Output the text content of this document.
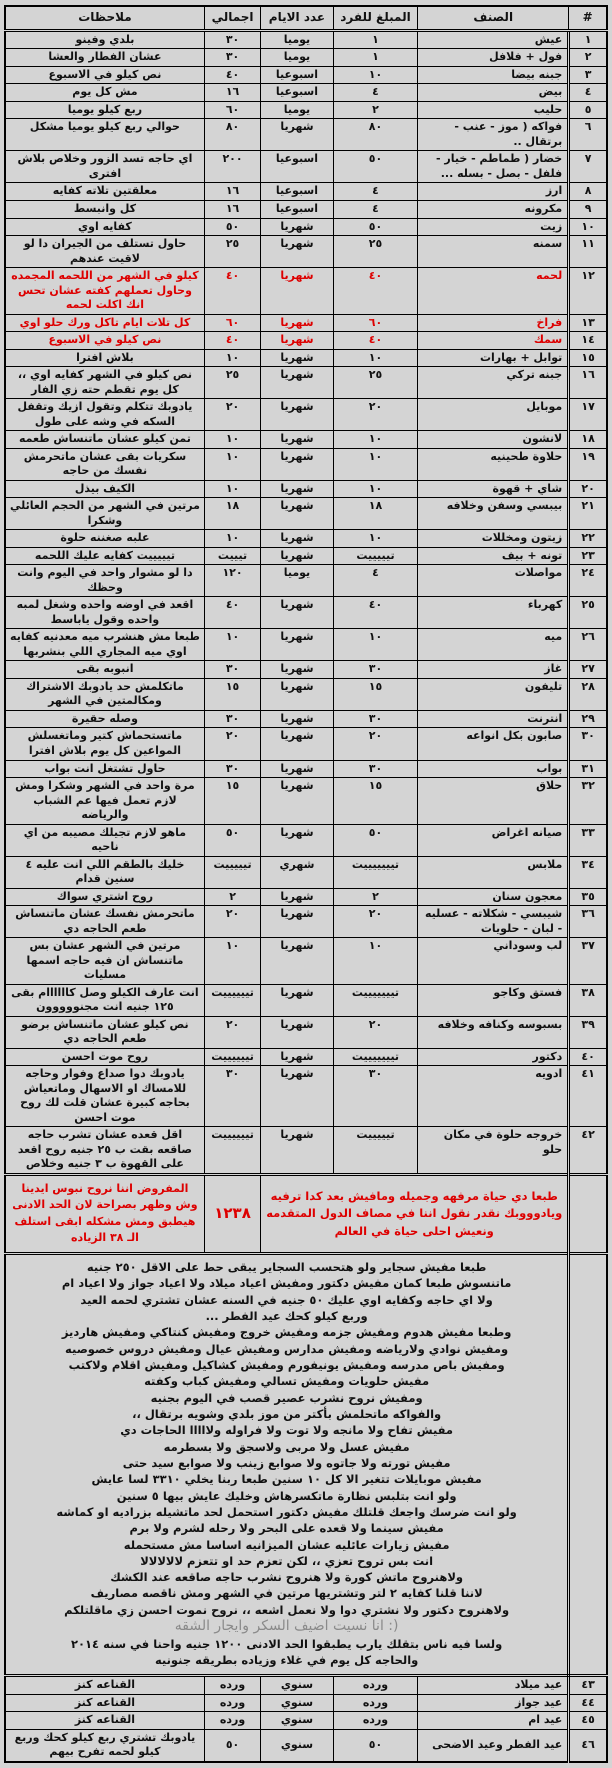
#	الصنف	المبلغ للفرد	عدد الايام	اجمالي	ملاحظات
١	عيش	١	يوميا	٣٠	بلدي وفينو
٢	فول + فلافل	١	يوميا	٣٠	عشان الفطار والعشا
٣	جبنه بيضا	١٠	اسبوعيا	٤٠	نص كيلو في الاسبوع
٤	بيض	٤	اسبوعيا	١٦	مش كل يوم
٥	حليب	٢	يوميا	٦٠	ربع كيلو يوميا
٦	فواكه ( موز - عنب - برتقال ..	٨٠	شهريا	٨٠	حوالي ربع كيلو يوميا مشكل
٧	خضار ( طماطم - خيار - فلفل - بصل - بسله ...	٥٠	اسبوعيا	٢٠٠	اي حاجه تسد الزور وخلاص بلاش افترى
٨	ارز	٤	اسبوعيا	١٦	معلقتين تلاته كفايه
٩	مكرونه	٤	اسبوعيا	١٦	كل وانبسط
١٠	زيت	٥٠	شهريا	٥٠	كفايه اوي
١١	سمنه	٢٥	شهريا	٢٥	حاول تستلف من الجيران دا لو لاقيت عندهم
١٢	لحمه	٤٠	شهريا	٤٠	كيلو في الشهر من اللحمه المجمده وحاول تعملهم كفته عشان تحس انك اكلت لحمه
١٣	فراخ	٦٠	شهريا	٦٠	كل تلات ايام تاكل ورك حلو اوي
١٤	سمك	٤٠	شهريا	٤٠	نص كيلو في الاسبوع
١٥	توابل + بهارات	١٠	شهريا	١٠	بلاش افترا
١٦	جبنه تركي	٢٥	شهريا	٢٥	نص كيلو في الشهر كفايه اوي ،، كل يوم تقطم حته زي الفار
١٧	موبايل	٢٠	شهريا	٢٠	يادوبك تتكلم وتقول ازيك وتقفل السكه في وشه على طول
١٨	لانشون	١٠	شهريا	١٠	تمن كيلو عشان ماتنساش طعمه
١٩	حلاوة طحينيه	١٠	شهريا	١٠	سكريات بقى عشان ماتحرمش نفسك من حاجه
٢٠	شاي + قهوة	١٠	شهريا	١٠	الكيف بيذل
٢١	بيبسي وسفن وخلافه	١٨	شهريا	١٨	مرتين في الشهر من الحجم العائلي وشكرا
٢٢	زيتون ومخللات	١٠	شهريا	١٠	علبه صغننه حلوة
٢٣	تونه + بيف	تيييييت	شهريا	تيييت	تيييييت كفايه عليك اللحمه
٢٤	مواصلات	٤	يوميا	١٢٠	دا لو مشوار واحد في اليوم وانت وحظك
٢٥	كهرباء	٤٠	شهريا	٤٠	اقعد في اوضه واحده وشغل لمبه واحده وقول ياباسط
٢٦	ميه	١٠	شهريا	١٠	طبعا مش هنشرب ميه معدنيه كفايه اوي ميه المجاري اللي بنشربها
٢٧	غاز	٣٠	شهريا	٣٠	انبوبه بقى
٢٨	تليفون	١٥	شهريا	١٥	ماتكلمش حد يادوبك الاشتراك ومكالمتين في الشهر
٢٩	انترنت	٣٠	شهريا	٣٠	وصله حقيرة
٣٠	صابون بكل انواعه	٢٠	شهريا	٢٠	ماتستحماش كتير وماتغسلش المواعين كل يوم بلاش افترا
٣١	بواب	٣٠	شهريا	٣٠	حاول تشتغل انت بواب
٣٢	حلاق	١٥	شهريا	١٥	مرة واحد في الشهر وشكرا ومش لازم تعمل فيها عم الشباب والرياضه
٣٣	صيانه اغراض	٥٠	شهريا	٥٠	ماهو لازم تجيلك مصيبه من اي ناحيه
٣٤	ملابس	تيييييييت	شهري	تيييييت	خليك بالطقم اللي انت عليه ٤ سنين قدام
٣٥	معجون سنان	٢	شهريا	٢	روح اشتري سواك
٣٦	شيبسي - شكلاته - عسليه - لبان - حلويات	٢٠	شهريا	٢٠	ماتحرمش نفسك عشان ماتنساش طعم الحاجه دي
٣٧	لب وسوداني	١٠	شهريا	١٠	مرتين في الشهر عشان بس ماتنساش ان فيه حاجه اسمها مسليات
٣٨	فستق وكاجو	تيييييييت	شهريا	تييييييت	انت عارف الكيلو وصل كاااااام بقى ١٢٥ جنيه انت مجنووووون
٣٩	بسبوسه وكنافه وخلافه	٢٠	شهريا	٢٠	نص كيلو عشان ماتنساش برضو طعم الحاجه دي
٤٠	دكتور	تيييييييت	شهريا	تييييييت	روح موت احسن
٤١	ادويه	٣٠	شهريا	٣٠	يادوبك دوا صداع وفوار وحاجه للامساك او الاسهال وماتعياش بحاجه كبيرة عشان قلت لك روح موت احسن
٤٢	خروجه حلوة في مكان حلو	تيييييت	شهريا	تييييييت	اقل قعده عشان تشرب حاجه صاقعه بقت ب ٢٥ جنيه روح اقعد على القهوة ب ٣ جنيه وخلاص
	طبعا دي حياة مرفهه وجميله ومافيش بعد كدا ترفيه ويادوووبك نقدر نقول اننا في مصاف الدول المتقدمه ونعيش احلى حياة في العالم			١٢٣٨	المفروض اننا نروح نبوس ايدينا وش وظهر بصراحة لان الحد الادنى هيطبق ومش مشكله ابقى استلف الـ ٣٨ الزياده

طبعا مفيش سجاير ولو هتحسب السجاير يبقى حط على الاقل ٢٥٠ جنيه
ماتنسوش طبعا كمان مفيش دكتور ومفيش اعياد ميلاد ولا اعياد جواز ولا اعياد ام
ولا اي حاجه وكفايه اوي عليك ٥٠ جنيه في السنه عشان تشتري لحمه العيد
وربع كيلو كحك عيد الفطر ...
وطبعا مفيش هدوم ومفيش جزمه ومفيش خروج ومفيش كنتاكي ومفيش هارديز
ومفيش نوادي ولارياضه ومفيش مدارس ومفيش عيال ومفيش دروس خصوصيه
ومفيش باص مدرسه ومفيش يونيفورم ومفيش كشاكيل ومفيش اقلام ولاكتب
مفيش حلويات ومفيش تسالي ومفيش كباب وكفته
ومفيش نروح نشرب عصير قصب في اليوم بجنيه
والفواكه ماتحلمش بأكتر من موز بلدي وشويه برتقال ،،
مفيش تفاح ولا مانجه ولا توت ولا فراوله ولااااا الحاجات دي
مفيش عسل ولا مربى ولاسجق ولا بسطرمه
مفيش تورته ولا جاتوه ولا صوابع زينب ولا صوابع سيد حتى
مفيش موبايلات تتغير الا كل ١٠ سنين طبعا ربنا يخلي ٣٣١٠ لسا عايش
ولو انت بتلبس نظارة ماتكسرهاش وخليك عايش بيها ٥ سنين
ولو انت ضرسك واجعك قلتلك مفيش دكتور استحمل لحد ماتشيله بزراديه او كماشه
مفيش سينما ولا قعده على البحر ولا رحله لشرم ولا برم
مفيش زيارات عائليه عشان الميزانيه اساسا مش مستحمله
انت بس تروح تعزي ،، لكن تعزم حد او تتعزم لالالالالا
ولاهنروح ماتش كورة ولا هنروح نشرب حاجه صاقعه عند الكشك
لاننا قلنا كفايه ٢ لتر وتشتريها مرتين في الشهر ومش ناقصه مصاريف
ولاهنروح دكتور ولا نشتري دوا ولا نعمل اشعه ،، نروح نموت احسن زي ماقلتلكم
(: انا نسيت اضيف السكر وايجار الشقه
ولسا فيه ناس بتقلك يارب يطبقوا الحد الادنى ١٢٠٠ جنيه واحنا في سنه ٢٠١٤
والحاجه كل يوم في غلاء وزياده بطريقه جنونيه

٤٣	عيد ميلاد	ورده	سنوي	ورده	القناعه كنز
٤٤	عيد جواز	ورده	سنوي	ورده	القناعه كنز
٤٥	عيد ام	ورده	سنوي	ورده	القناعه كنز
٤٦	عيد الفطر وعيد الاضحى	٥٠	سنوي	٥٠	يادوبك تشتري ربع كيلو كحك وربع كيلو لحمه تفرح بيهم
